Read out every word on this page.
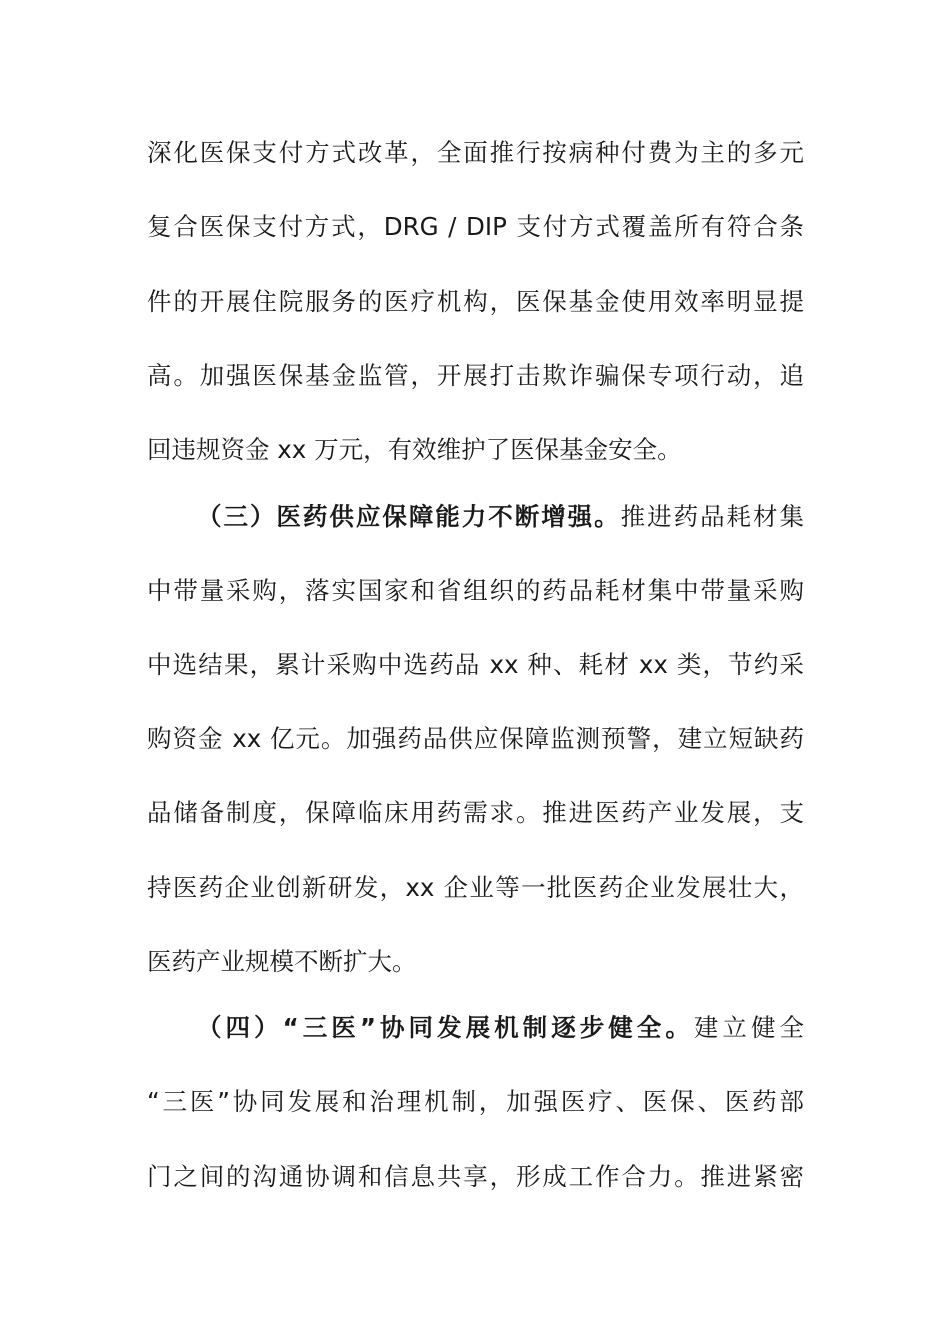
深化医保支付方式改革，全面推行按病种付费为主的多元
复合医保支付方式，DRG / DIP 支付方式覆盖所有符合条
件的开展住院服务的医疗机构，医保基金使用效率明显提
高。加强医保基金监管，开展打击欺诈骗保专项行动，追
回违规资金 xx 万元，有效维护了医保基金安全。
（三）医药供应保障能力不断增强。推进药品耗材集
中带量采购，落实国家和省组织的药品耗材集中带量采购
中选结果，累计采购中选药品 xx 种、耗材 xx 类，节约采
购资金 xx 亿元。加强药品供应保障监测预警，建立短缺药
品储备制度，保障临床用药需求。推进医药产业发展，支
持医药企业创新研发，xx 企业等一批医药企业发展壮大，
医药产业规模不断扩大。
（四）“三医”协同发展机制逐步健全。建立健全
“三医”协同发展和治理机制，加强医疗、医保、医药部
门之间的沟通协调和信息共享，形成工作合力。推进紧密
